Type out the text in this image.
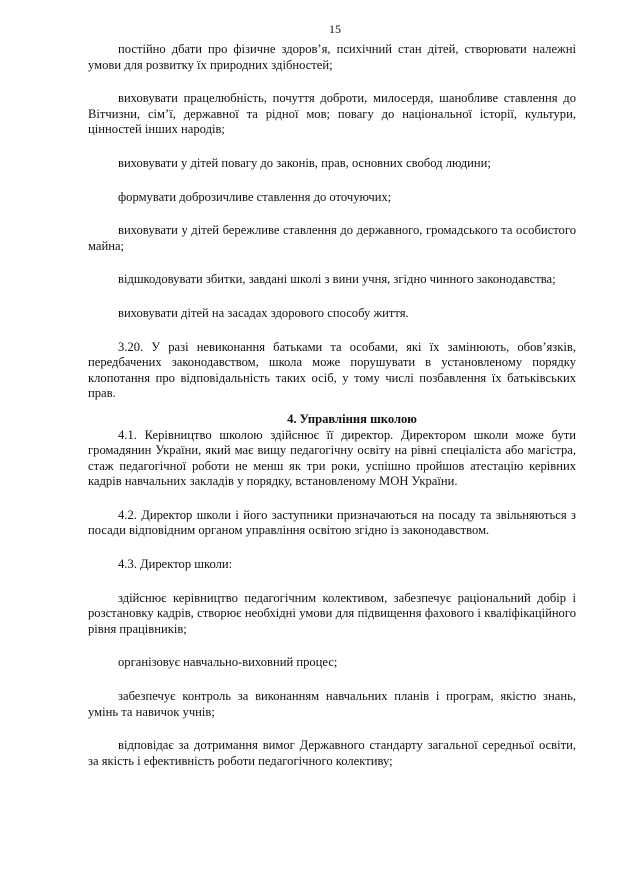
15

постійно дбати про фізичне здоров’я, психічний стан дітей, створювати належні умови для розвитку їх природних здібностей;

виховувати працелюбність, почуття доброти, милосердя, шанобливе ставлення до Вітчизни, сім’ї, державної та рідної мов; повагу до національної історії, культури, цінностей інших народів;

виховувати у дітей повагу до законів, прав, основних свобод людини;

формувати доброзичливе ставлення до оточуючих;

виховувати у дітей бережливе ставлення до державного, громадського та особистого майна;

відшкодовувати збитки, завдані школі з вини учня, згідно чинного законодавства;

виховувати дітей на засадах здорового способу життя.

3.20. У разі невиконання батьками та особами, які їх замінюють, обов’язків, передбачених законодавством, школа може порушувати в установленому порядку клопотання про відповідальність таких осіб, у тому числі позбавлення їх батьківських прав.

4. Управління школою

4.1. Керівництво школою здійснює її директор. Директором школи може бути громадянин України, який має вищу педагогічну освіту на рівні спеціаліста або магістра, стаж педагогічної роботи не менш як три роки, успішно пройшов атестацію керівних кадрів навчальних закладів у порядку, встановленому МОН України.

4.2. Директор школи і його заступники призначаються на посаду та звільняються з посади відповідним органом управління освітою згідно із законодавством.

4.3. Директор школи:

здійснює керівництво педагогічним колективом, забезпечує раціональний добір і розстановку кадрів, створює необхідні умови для підвищення фахового і кваліфікаційного рівня працівників;

організовує навчально-виховний процес;

забезпечує контроль за виконанням навчальних планів і програм, якістю знань, умінь та навичок учнів;

відповідає за дотримання вимог Державного стандарту загальної середньої освіти, за якість і ефективність роботи педагогічного колективу;
